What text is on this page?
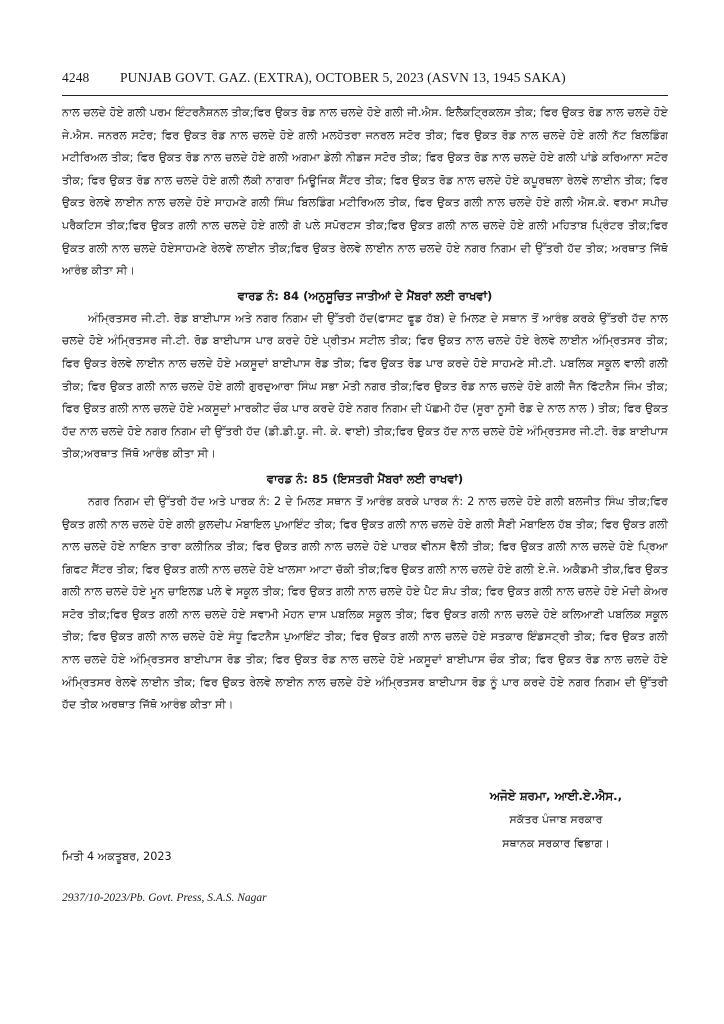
4248	PUNJAB GOVT. GAZ. (EXTRA), OCTOBER 5, 2023 (ASVN 13, 1945 SAKA)

ਨਾਲ ਚਲਦੇ ਹੋਏ ਗਲੀ ਪਰਮ ਇੰਟਰਨੈਸ਼ਨਲ ਤੀਕ;ਫਿਰ ਉਕਤ ਰੋਡ ਨਾਲ ਚਲਦੇ ਹੋਏ ਗਲੀ ਜੀ.ਐਸ. ਇਲੈਕਟ੍ਰਿਕਲਸ ਤੀਕ; ਫਿਰ ਉਕਤ ਰੋਡ ਨਾਲ ਚਲਦੇ ਹੋਏ ਜੇ.ਐਸ. ਜਨਰਲ ਸਟੋਰ; ਫਿਰ ਉਕਤ ਰੋਡ ਨਾਲ ਚਲਦੇ ਹੋਏ ਗਲੀ ਮਲਹੋਤਰਾ ਜਨਰਲ ਸਟੋਰ ਤੀਕ; ਫਿਰ ਉਕਤ ਰੋਡ ਨਾਲ ਚਲਦੇ ਹੋਏ ਗਲੀ ਨੱਟ ਬਿਲਡਿੰਗ ਮਟੀਰਿਅਲ ਤੀਕ; ਫਿਰ ਉਕਤ ਰੋਡ ਨਾਲ ਚਲਦੇ ਹੋਏ ਗਲੀ ਅਗਮਾ ਡੇਲੀ ਨੀਡਜ ਸਟੋਰ ਤੀਕ; ਫਿਰ ਉਕਤ ਰੋਡ ਨਾਲ ਚਲਦੇ ਹੋਏ ਗਲੀ ਪਾਂਡੇ ਕਰਿਆਨਾ ਸਟੋਰ ਤੀਕ; ਫਿਰ ਉਕਤ ਰੋਡ ਨਾਲ ਚਲਦੇ ਹੋਏ ਗਲੀ ਲੱਕੀ ਨਾਗਰਾ ਮਿਊਜਿਕ ਸੈਂਟਰ ਤੀਕ; ਫਿਰ ਉਕਤ ਰੋਡ ਨਾਲ ਚਲਦੇ ਹੋਏ ਕਪੂਰਥਲਾ ਰੇਲਵੇ ਲਾਈਨ ਤੀਕ; ਫਿਰ ਉਕਤ ਰੇਲਵੇ ਲਾਈਨ ਨਾਲ ਚਲਦੇ ਹੋਏ ਸਾਹਮਣੇ ਗਲੀ ਸਿੰਘ ਬਿਲਡਿੰਗ ਮਟੀਰਿਅਲ ਤੀਕ, ਫਿਰ ਉਕਤ ਗਲੀ ਨਾਲ ਚਲਦੇ ਹੋਏ ਗਲੀ ਐਸ.ਕੇ. ਵਰਮਾ ਸਪੀਚ ਪਰੈਕਟਿਸ ਤੀਕ;ਫਿਰ ਉਕਤ ਗਲੀ ਨਾਲ ਚਲਦੇ ਹੋਏ ਗਲੀ ਗੋ ਪਲੇ ਸਪੋਰਟਸ ਤੀਕ;ਫਿਰ ਉਕਤ ਗਲੀ ਨਾਲ ਚਲਦੇ ਹੋਏ ਗਲੀ ਮਹਿਤਾਬ ਪ੍ਰਿੰਟਰ ਤੀਕ;ਫਿਰ ਉਕਤ ਗਲੀ ਨਾਲ ਚਲਦੇ ਹੋਏਸਾਹਮਣੇ ਰੇਲਵੇ ਲਾਈਨ ਤੀਕ;ਫਿਰ ਉਕਤ ਰੇਲਵੇ ਲਾਈਨ ਨਾਲ ਚਲਦੇ ਹੋਏ ਨਗਰ ਨਿਗਮ ਦੀ ਉੱਤਰੀ ਹੱਦ ਤੀਕ; ਅਰਥਾਤ ਜਿੱਥੋ ਆਰੰਭ ਕੀਤਾ ਸੀ।

ਵਾਰਡ ਨੰ: 84 (ਅਨੁਸੂਚਿਤ ਜਾਤੀਆਂ ਦੇ ਮੈਂਬਰਾਂ ਲਈ ਰਾਖਵਾਂ)

ਅੰਮ੍ਰਿਤਸਰ ਜੀ.ਟੀ. ਰੋਡ ਬਾਈਪਾਸ ਅਤੇ ਨਗਰ ਨਿਗਮ ਦੀ ਉੱਤਰੀ ਹੱਦ(ਫਾਸਟ ਫੂਡ ਹੱਬ) ਦੇ ਮਿਲਣ ਦੇ ਸਥਾਨ ਤੋਂ ਆਰੰਭ ਕਰਕੇ ਉੱਤਰੀ ਹੱਦ ਨਾਲ ਚਲਦੇ ਹੋਏ ਅੰਮ੍ਰਿਤਸਰ ਜੀ.ਟੀ. ਰੋਡ ਬਾਈਪਾਸ ਪਾਰ ਕਰਦੇ ਹੋਏ ਪ੍ਰੀਤਮ ਸਟੀਲ ਤੀਕ; ਫਿਰ ਉਕਤ ਨਾਲ ਚਲਦੇ ਹੋਏ ਰੇਲਵੇ ਲਾਈਨ ਅੰਮ੍ਰਿਤਸਰ ਤੀਕ; ਫਿਰ ਉਕਤ ਰੇਲਵੇ ਲਾਈਨ ਨਾਲ ਚਲਦੇ ਹੋਏ ਮਕਸੂਦਾਂ ਬਾਈਪਾਸ ਰੋਡ ਤੀਕ; ਫਿਰ ਉਕਤ ਰੋਡ ਪਾਰ ਕਰਦੇ ਹੋਏ ਸਾਹਮਣੇ ਸੀ.ਟੀ. ਪਬਲਿਕ ਸਕੂਲ ਵਾਲੀ ਗਲੀ ਤੀਕ; ਫਿਰ ਉਕਤ ਗਲੀ ਨਾਲ ਚਲਦੇ ਹੋਏ ਗਲੀ ਗੁਰਦੁਆਰਾ ਸਿੰਘ ਸਭਾ ਮੋਤੀ ਨਗਰ ਤੀਕ;ਫਿਰ ਉਕਤ ਰੋਡ ਨਾਲ ਚਲਦੇ ਹੋਏ ਗਲੀ ਜੈਨ ਫਿੱਟਨੈਸ ਜਿੰਮ ਤੀਕ; ਫਿਰ ਉਕਤ ਗਲੀ ਨਾਲ ਚਲਦੇ ਹੋਏ ਮਕਸੂਦਾਂ ਮਾਰਕੀਟ ਚੌਕ ਪਾਰ ਕਰਦੇ ਹੋਏ ਨਗਰ ਨਿਗਮ ਦੀ ਪੱਛਮੀ ਹੱਦ (ਸੂਰਾ ਨੂਸੀ ਰੋਡ ਦੇ ਨਾਲ ਨਾਲ ) ਤੀਕ; ਫਿਰ ਉਕਤ ਹੱਦ ਨਾਲ ਚਲਦੇ ਹੋਏ ਨਗਰ ਨਿਗਮ ਦੀ ਉੱਤਰੀ ਹੱਦ (ਡੀ.ਡੀ.ਯੂ. ਜੀ. ਕੇ. ਵਾਈ) ਤੀਕ;ਫਿਰ ਉਕਤ ਹੱਦ ਨਾਲ ਚਲਦੇ ਹੋਏ ਅੰਮ੍ਰਿਤਸਰ ਜੀ.ਟੀ. ਰੋਡ ਬਾਈਪਾਸ ਤੀਕ;ਅਰਥਾਤ ਜਿੱਥੋ ਆਰੰਭ ਕੀਤਾ ਸੀ।

ਵਾਰਡ ਨੰ: 85 (ਇਸਤਰੀ ਮੈਂਬਰਾਂ ਲਈ ਰਾਖਵਾਂ)

ਨਗਰ ਨਿਗਮ ਦੀ ਉੱਤਰੀ ਹੱਦ ਅਤੇ ਪਾਰਕ ਨੰ: 2 ਦੇ ਮਿਲਣ ਸਥਾਨ ਤੋਂ ਆਰੰਭ ਕਰਕੇ ਪਾਰਕ ਨੰ: 2 ਨਾਲ ਚਲਦੇ ਹੋਏ ਗਲੀ ਬਲਜੀਤ ਸਿੰਘ ਤੀਕ;ਫਿਰ ਉਕਤ ਗਲੀ ਨਾਲ ਚਲਦੇ ਹੋਏ ਗਲੀ ਕੁਲਦੀਪ ਮੋਬਾਇਲ ਪੁਆਇੰਟ ਤੀਕ; ਫਿਰ ਉਕਤ ਗਲੀ ਨਾਲ ਚਲਦੇ ਹੋਏ ਗਲੀ ਸੈਣੀ ਮੋਬਾਇਲ ਹੱਬ ਤੀਕ; ਫਿਰ ਉਕਤ ਗਲੀ ਨਾਲ ਚਲਦੇ ਹੋਏ ਨਾਇਨ ਤਾਰਾ ਕਲੀਨਿਕ ਤੀਕ; ਫਿਰ ਉਕਤ ਗਲੀ ਨਾਲ ਚਲਦੇ ਹੋਏ ਪਾਰਕ ਵੀਨਸ ਵੈਲੀ ਤੀਕ; ਫਿਰ ਉਕਤ ਗਲੀ ਨਾਲ ਚਲਦੇ ਹੋਏ ਪ੍ਰਿਆ ਗਿਫਟ ਸੈਂਟਰ ਤੀਕ; ਫਿਰ ਉਕਤ ਗਲੀ ਨਾਲ ਚਲਦੇ ਹੋਏ ਖਾਲਸਾ ਆਟਾ ਚੱਕੀ ਤੀਕ;ਫਿਰ ਉਕਤ ਗਲੀ ਨਾਲ ਚਲਦੇ ਹੋਏ ਗਲੀ ਏ.ਜੇ. ਅਕੈਡਮੀ ਤੀਕ,ਫਿਰ ਉਕਤ ਗਲੀ ਨਾਲ ਚਲਦੇ ਹੋਏ ਮੂਨ ਚਾਇਲਡ ਪਲੇ ਵੇ ਸਕੂਲ ਤੀਕ; ਫਿਰ ਉਕਤ ਗਲੀ ਨਾਲ ਚਲਦੇ ਹੋਏ ਪੈਟ ਸ਼ੋਪ ਤੀਕ; ਫਿਰ ਉਕਤ ਗਲੀ ਨਾਲ ਚਲਦੇ ਹੋਏ ਮੋਦੀ ਕੇਅਰ ਸਟੋਰ ਤੀਕ;ਫਿਰ ਉਕਤ ਗਲੀ ਨਾਲ ਚਲਦੇ ਹੋਏ ਸਵਾਮੀ ਮੋਹਨ ਦਾਸ ਪਬਲਿਕ ਸਕੂਲ ਤੀਕ; ਫਿਰ ਉਕਤ ਗਲੀ ਨਾਲ ਚਲਦੇ ਹੋਏ ਕਲਿਆਣੀ ਪਬਲਿਕ ਸਕੂਲ ਤੀਕ; ਫਿਰ ਉਕਤ ਗਲੀ ਨਾਲ ਚਲਦੇ ਹੋਏ ਸੰਧੂ ਫਿਟਨੈਸ ਪੁਆਇੰਟ ਤੀਕ; ਫਿਰ ਉਕਤ ਗਲੀ ਨਾਲ ਚਲਦੇ ਹੋਏ ਸਤਕਾਰ ਇੰਡਸਟ੍ਰੀ ਤੀਕ; ਫਿਰ ਉਕਤ ਗਲੀ ਨਾਲ ਚਲਦੇ ਹੋਏ ਅੰਮ੍ਰਿਤਸਰ ਬਾਈਪਾਸ ਰੋਡ ਤੀਕ; ਫਿਰ ਉਕਤ ਰੋਡ ਨਾਲ ਚਲਦੇ ਹੋਏ ਮਕਸੂਦਾਂ ਬਾਈਪਾਸ ਚੌਕ ਤੀਕ; ਫਿਰ ਉਕਤ ਰੋਡ ਨਾਲ ਚਲਦੇ ਹੋਏ ਅੰਮ੍ਰਿਤਸਰ ਰੇਲਵੇ ਲਾਈਨ ਤੀਕ; ਫਿਰ ਉਕਤ ਰੇਲਵੇ ਲਾਈਨ ਨਾਲ ਚਲਦੇ ਹੋਏ ਅੰਮ੍ਰਿਤਸਰ ਬਾਈਪਾਸ ਰੋਡ ਨੂੰ ਪਾਰ ਕਰਦੇ ਹੋਏ ਨਗਰ ਨਿਗਮ ਦੀ ਉੱਤਰੀ ਹੱਦ ਤੀਕ ਅਰਥਾਤ ਜਿੱਥੋ ਆਰੰਭ ਕੀਤਾ ਸੀ।

ਅਜੋਏ ਸ਼ਰਮਾ, ਆਈ.ਏ.ਐਸ.,
ਸਕੱਤਰ ਪੰਜਾਬ ਸਰਕਾਰ
ਸਥਾਨਕ ਸਰਕਾਰ ਵਿਭਾਗ।
ਮਿਤੀ 4 ਅਕਤੂਬਰ, 2023
2937/10-2023/Pb. Govt. Press, S.A.S. Nagar
